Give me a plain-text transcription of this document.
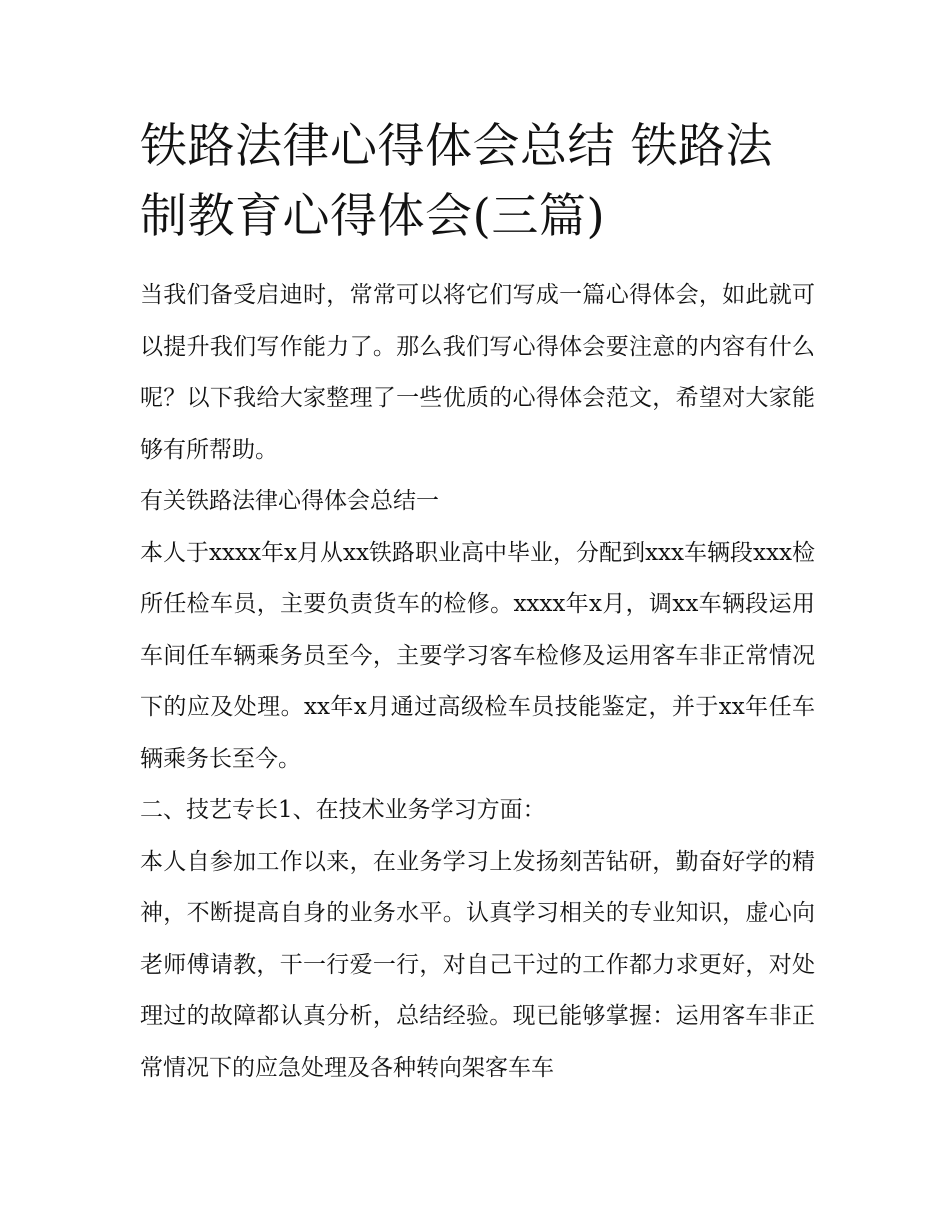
铁路法律心得体会总结 铁路法制教育心得体会(三篇)

当我们备受启迪时，常常可以将它们写成一篇心得体会，如此就可以提升我们写作能力了。那么我们写心得体会要注意的内容有什么呢？以下我给大家整理了一些优质的心得体会范文，希望对大家能够有所帮助。

有关铁路法律心得体会总结一

本人于xxxx年x月从xx铁路职业高中毕业，分配到xxx车辆段xxx检所任检车员，主要负责货车的检修。xxxx年x月，调xx车辆段运用车间任车辆乘务员至今，主要学习客车检修及运用客车非正常情况下的应及处理。xx年x月通过高级检车员技能鉴定，并于xx年任车辆乘务长至今。

二、技艺专长1、在技术业务学习方面：

本人自参加工作以来，在业务学习上发扬刻苦钻研，勤奋好学的精神，不断提高自身的业务水平。认真学习相关的专业知识，虚心向老师傅请教，干一行爱一行，对自己干过的工作都力求更好，对处理过的故障都认真分析，总结经验。现已能够掌握：运用客车非正常情况下的应急处理及各种转向架客车车
